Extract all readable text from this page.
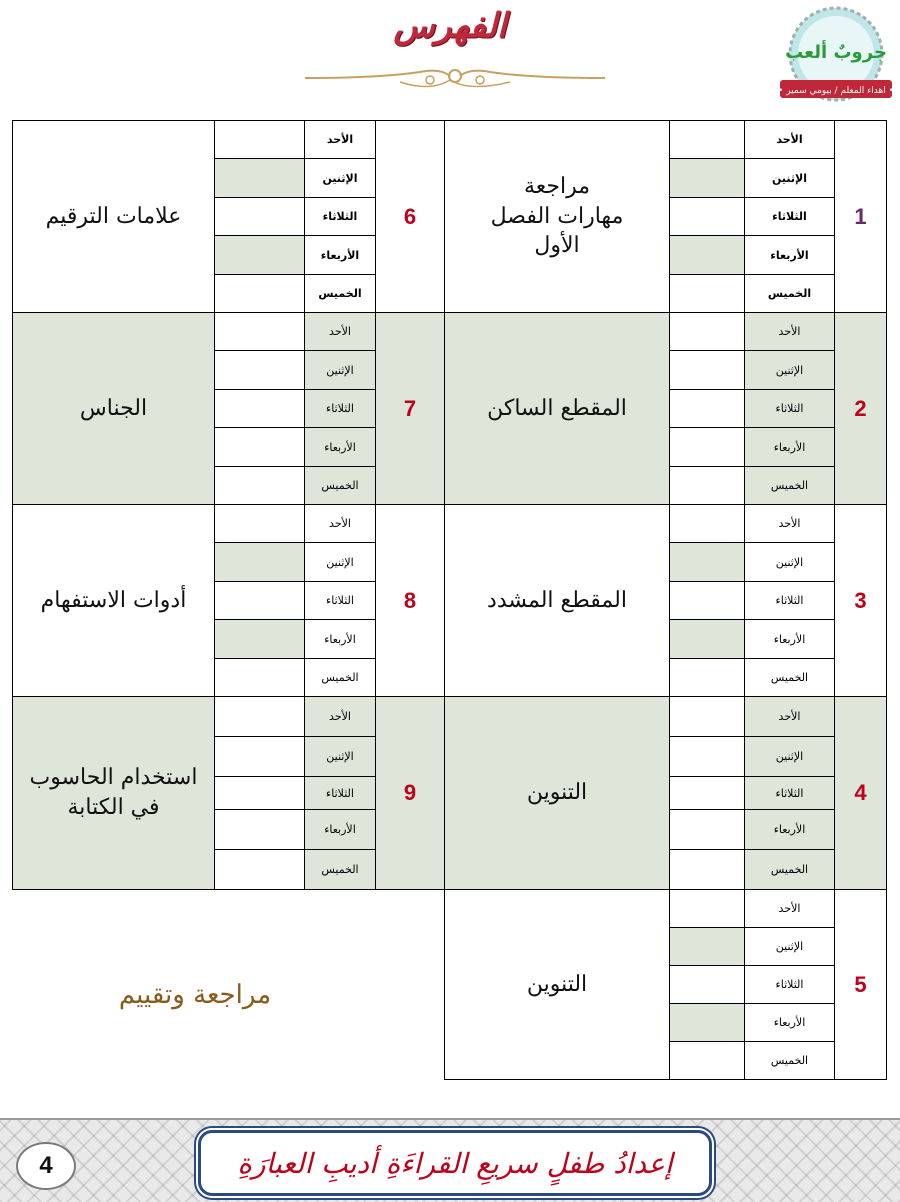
الفهرس
جروبٌ ألعب
• اهداء المعلم / بيومي سمير •
علامات الترقيم		الأحد	6
		الإثنين	
		الثلاثاء	
		الأربعاء	
		الخميس	
الجناس		الأحد	7
		الإثنين	
		الثلاثاء	
		الأربعاء	
		الخميس	
أدوات الاستفهام		الأحد	8
		الإثنين	
		الثلاثاء	
		الأربعاء	
		الخميس	
استخدام الحاسوب
في الكتابة		الأحد	9
		الإثنين	
		الثلاثاء	
		الأربعاء	
		الخميس	
مراجعة
مهارات الفصل
الأول		الأحد	1
		الإثنين	
		الثلاثاء	
		الأربعاء	
		الخميس	
المقطع الساكن		الأحد	2
		الإثنين	
		الثلاثاء	
		الأربعاء	
		الخميس	
المقطع المشدد		الأحد	3
		الإثنين	
		الثلاثاء	
		الأربعاء	
		الخميس	
التنوين		الأحد	4
		الإثنين	
		الثلاثاء	
		الأربعاء	
		الخميس	
التنوين		الأحد	5
		الإثنين	
		الثلاثاء	
		الأربعاء	
		الخميس	
مراجعة وتقييم
4	إعدادُ طفلٍ سريعِ القراءَةِ أديبِ العبارَةِ
